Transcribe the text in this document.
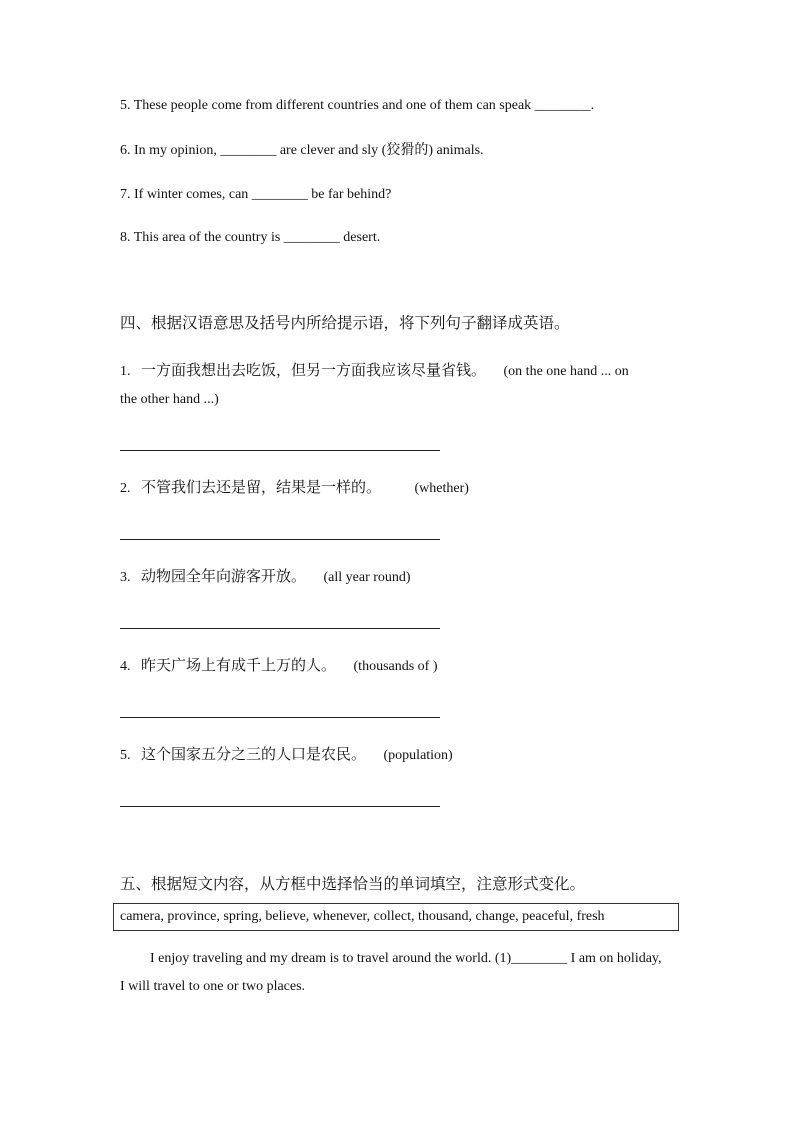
5. These people come from different countries and one of them can speak ________.
6. In my opinion, ________ are clever and sly (狡猾的) animals.
7. If winter comes, can ________ be far behind?
8. This area of the country is ________ desert.
四、根据汉语意思及括号内所给提示语，将下列句子翻译成英语。
1. 一方面我想出去吃饭，但另一方面我应该尽量省钱。 (on the one hand ... on
the other hand ...)
2. 不管我们去还是留，结果是一样的。 (whether)
3. 动物园全年向游客开放。 (all year round)
4. 昨天广场上有成千上万的人。 (thousands of )
5. 这个国家五分之三的人口是农民。 (population)
五、根据短文内容，从方框中选择恰当的单词填空，注意形式变化。
camera, province, spring, believe, whenever, collect, thousand, change, peaceful, fresh
I enjoy traveling and my dream is to travel around the world. (1)________ I am on holiday, I will travel to one or two places.
